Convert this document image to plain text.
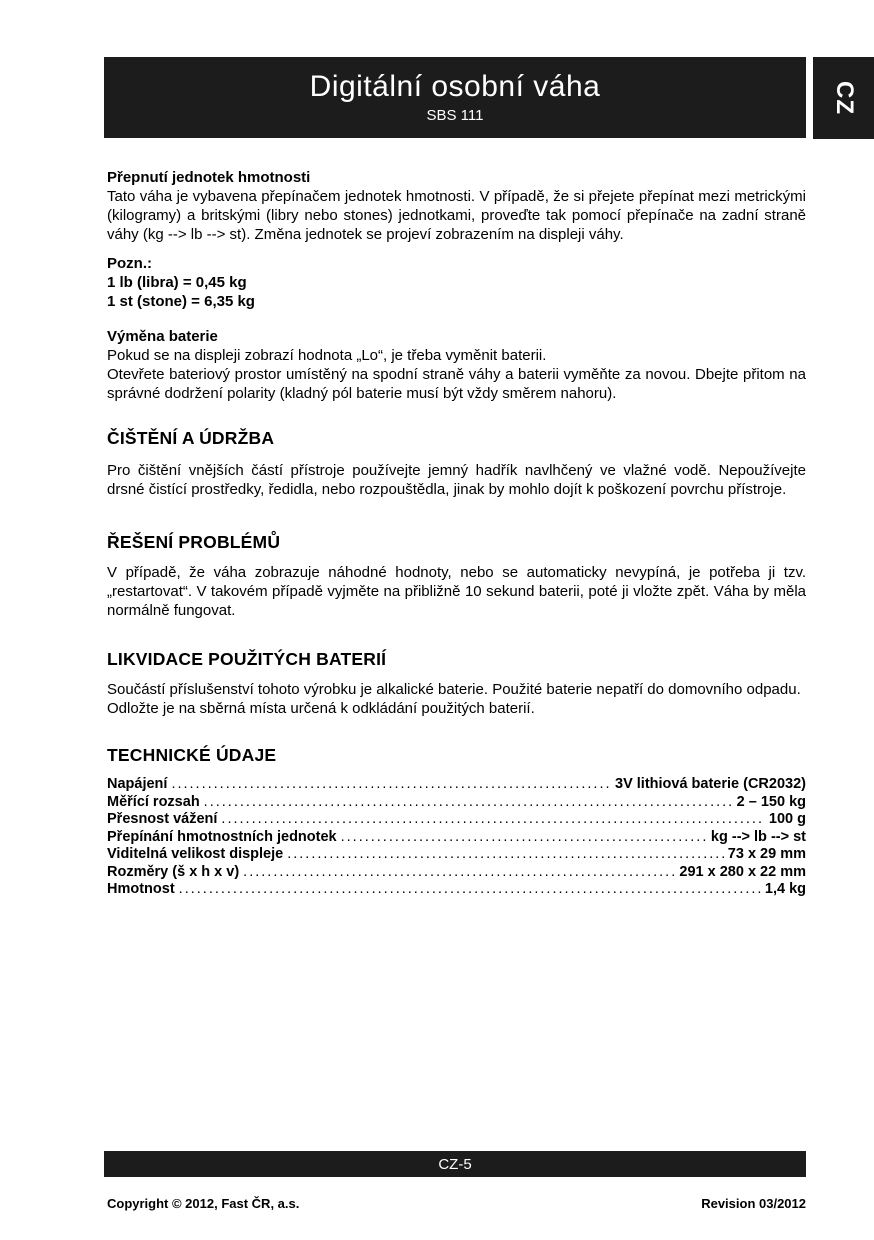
Digitální osobní váha
SBS 111
CZ
Přepnutí jednotek hmotnosti

Tato váha je vybavena přepínačem jednotek hmotnosti. V případě, že si přejete přepínat mezi metrickými (kilogramy) a britskými (libry nebo stones) jednotkami, proveďte tak pomocí přepínače na zadní straně váhy (kg --> lb --> st). Změna jednotek se projeví zobrazením na displeji váhy.

Pozn.:
1 lb (libra) = 0,45 kg
1 st (stone) = 6,35 kg
Výměna baterie

Pokud se na displeji zobrazí hodnota „Lo“, je třeba vyměnit baterii.

Otevřete bateriový prostor umístěný na spodní straně váhy a baterii vyměňte za novou. Dbejte přitom na správné dodržení polarity (kladný pól baterie musí být vždy směrem nahoru).

ČIŠTĚNÍ A ÚDRŽBA

Pro čištění vnějších částí přístroje používejte jemný hadřík navlhčený ve vlažné vodě. Nepoužívejte drsné čistící prostředky, ředidla, nebo rozpouštědla, jinak by mohlo dojít k poškození povrchu přístroje.

ŘEŠENÍ PROBLÉMŮ

V případě, že váha zobrazuje náhodné hodnoty, nebo se automaticky nevypíná, je potřeba ji tzv. „restartovat“. V takovém případě vyjměte na přibližně 10 sekund baterii, poté ji vložte zpět. Váha by měla normálně fungovat.

LIKVIDACE POUŽITÝCH BATERIÍ

Součástí příslušenství tohoto výrobku je alkalické baterie. Použité baterie nepatří do domovního odpadu.

Odložte je na sběrná místa určená k odkládání použitých baterií.

TECHNICKÉ ÚDAJE
Napájení .....	3V lithiová baterie (CR2032)
Měřící rozsah .....	2 – 150 kg
Přesnost vážení .....	100 g
Přepínání hmotnostních jednotek .....	kg --> lb --> st
Viditelná velikost displeje .....	73 x 29 mm
Rozměry (š x h x v) .....	291 x 280 x 22 mm
Hmotnost .....	1,4 kg
CZ-5
Copyright © 2012, Fast ČR, a.s.	Revision 03/2012
